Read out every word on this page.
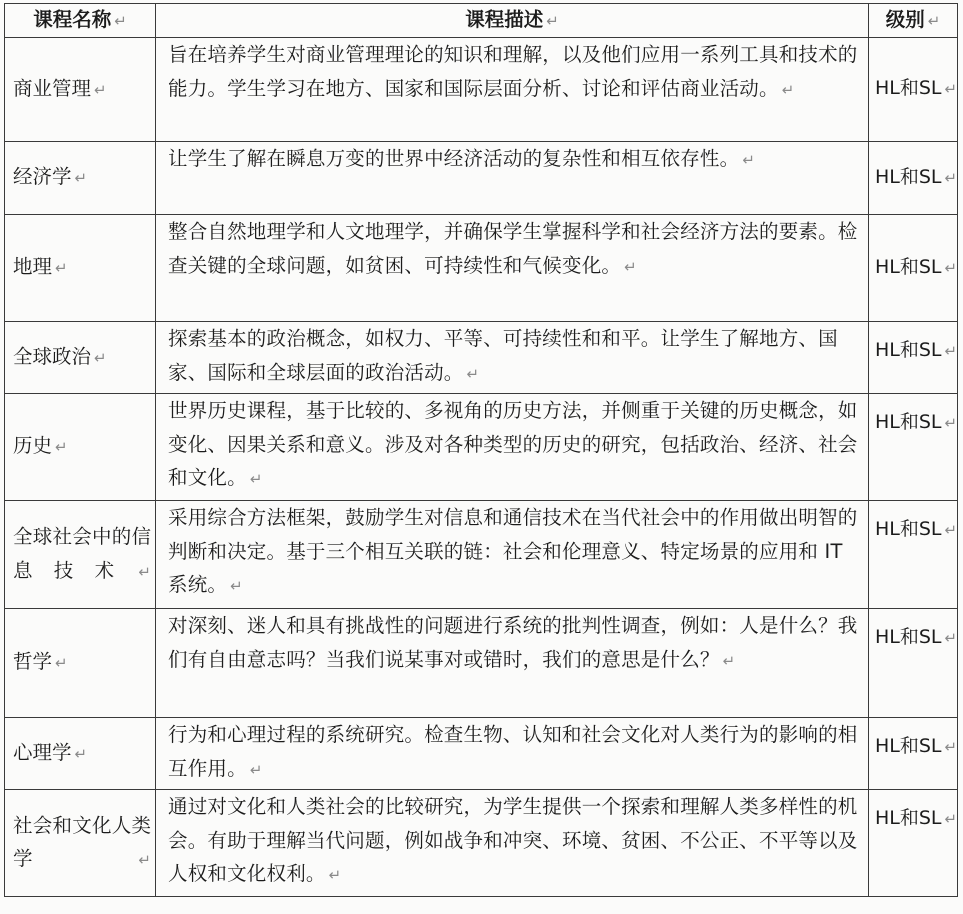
课程名称 ↵	课程描述 ↵	级别 ↵
商业管理 ↵	旨在培养学生对商业管理理论的知识和理解，以及他们应用一系列工具和技术的能力。学生学习在地方、国家和国际层面分析、讨论和评估商业活动。 ↵	HL和SL ↵
经济学 ↵	让学生了解在瞬息万变的世界中经济活动的复杂性和相互依存性。 ↵	HL和SL ↵
地理 ↵	整合自然地理学和人文地理学，并确保学生掌握科学和社会经济方法的要素。检查关键的全球问题，如贫困、可持续性和气候变化。 ↵	HL和SL ↵
全球政治 ↵	探索基本的政治概念，如权力、平等、可持续性和和平。让学生了解地方、国家、国际和全球层面的政治活动。 ↵	HL和SL ↵
历史 ↵	世界历史课程，基于比较的、多视角的历史方法，并侧重于关键的历史概念，如变化、因果关系和意义。涉及对各种类型的历史的研究，包括政治、经济、社会和文化。 ↵	HL和SL ↵
全球社会中的信息技术 ↵	采用综合方法框架，鼓励学生对信息和通信技术在当代社会中的作用做出明智的判断和决定。基于三个相互关联的链：社会和伦理意义、特定场景的应用和 IT 系统。 ↵	HL和SL ↵
哲学 ↵	对深刻、迷人和具有挑战性的问题进行系统的批判性调查，例如：人是什么？我们有自由意志吗？当我们说某事对或错时，我们的意思是什么？ ↵	HL和SL ↵
心理学 ↵	行为和心理过程的系统研究。检查生物、认知和社会文化对人类行为的影响的相互作用。 ↵	HL和SL ↵
社会和文化人类学 ↵	通过对文化和人类社会的比较研究，为学生提供一个探索和理解人类多样性的机会。有助于理解当代问题，例如战争和冲突、环境、贫困、不公正、不平等以及人权和文化权利。 ↵	HL和SL ↵
